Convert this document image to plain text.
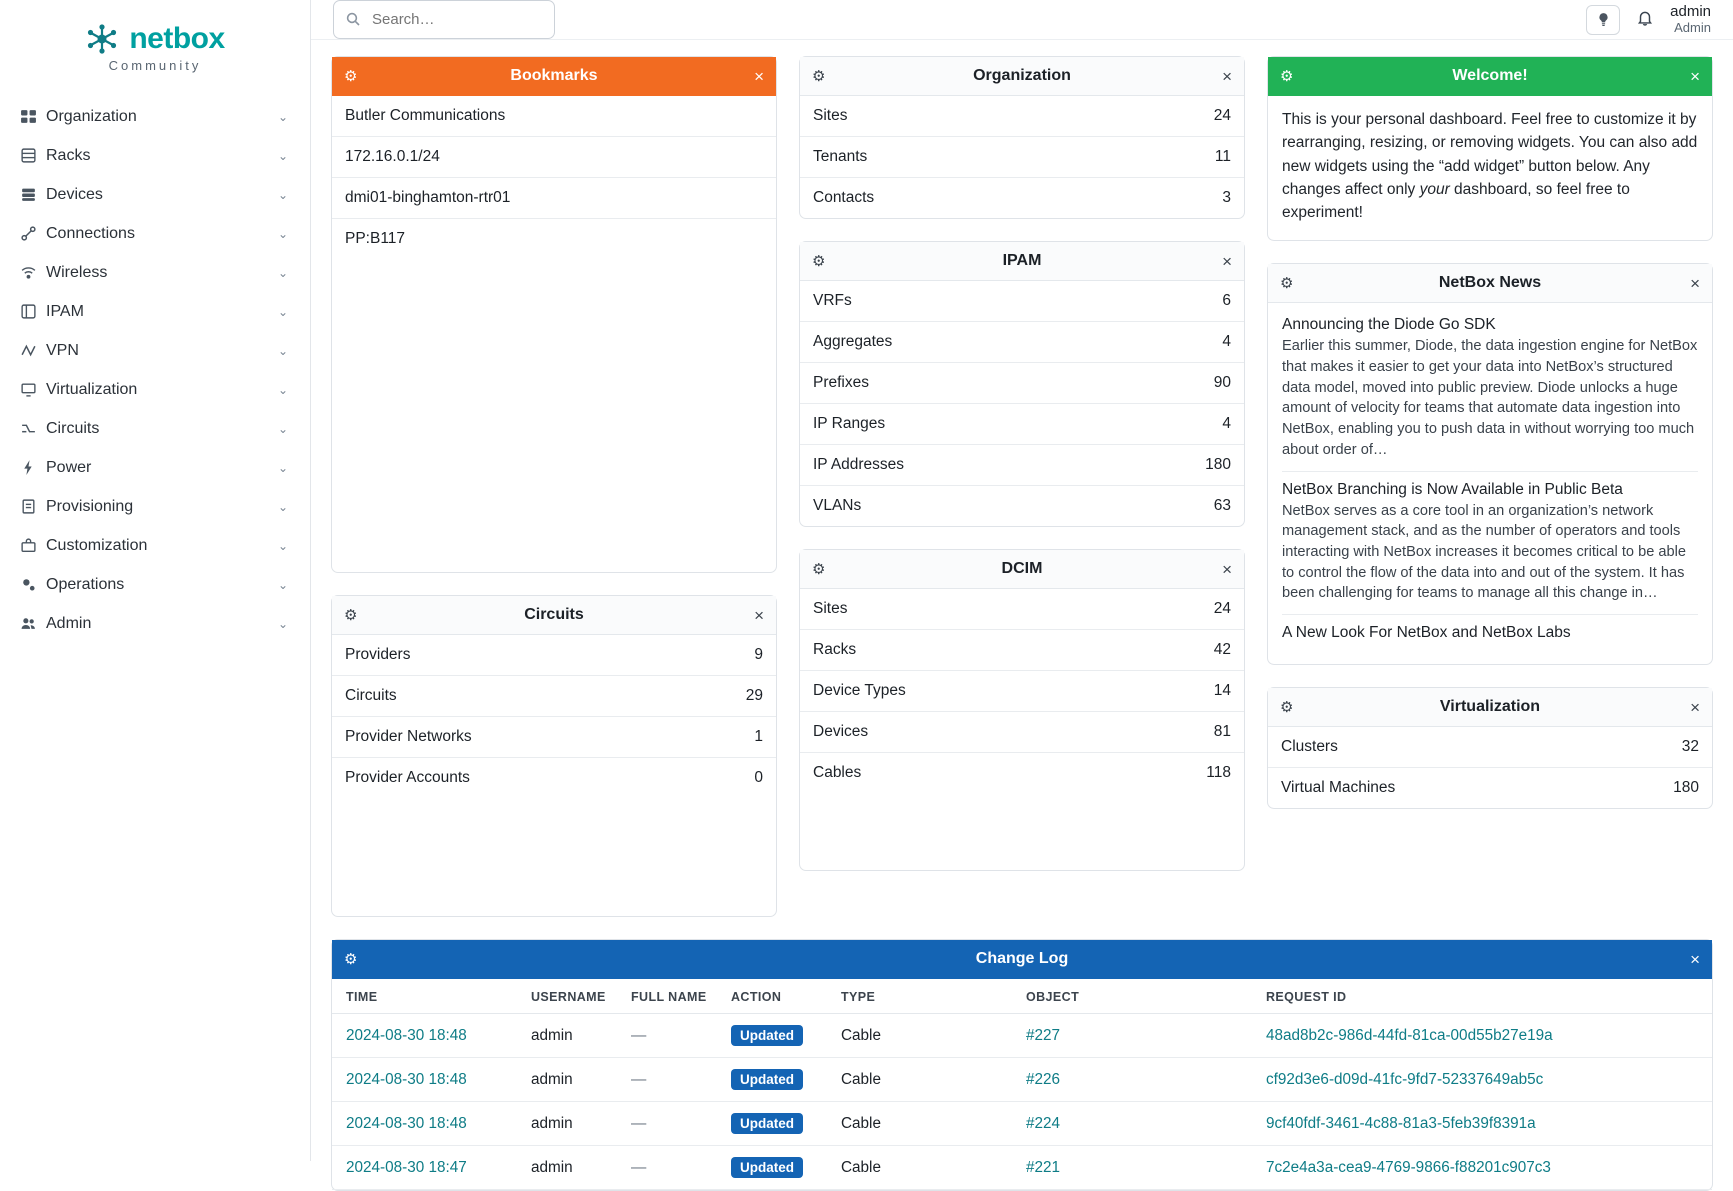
netbox
Community
Organization	⌄
Racks	⌄
Devices	⌄
Connections	⌄
Wireless	⌄
IPAM	⌄
VPN	⌄
Virtualization	⌄
Circuits	⌄
Power	⌄
Provisioning	⌄
Customization	⌄
Operations	⌄
Admin	⌄
Search…
admin
Admin
⚙	Bookmarks	×
Butler Communications
172.16.0.1/24
dmi01-binghamton-rtr01
PP:B117
⚙	Circuits	×
Providers	9
Circuits	29
Provider Networks	1
Provider Accounts	0
⚙	Organization	×
Sites	24
Tenants	11
Contacts	3
⚙	IPAM	×
VRFs	6
Aggregates	4
Prefixes	90
IP Ranges	4
IP Addresses	180
VLANs	63
⚙	DCIM	×
Sites	24
Racks	42
Device Types	14
Devices	81
Cables	118
⚙	Welcome!	×
This is your personal dashboard. Feel free to customize it by rearranging, resizing, or removing widgets. You can also add new widgets using the “add widget” button below. Any changes affect only your dashboard, so feel free to experiment!
⚙	NetBox News	×
Announcing the Diode Go SDK
Earlier this summer, Diode, the data ingestion engine for NetBox that makes it easier to get your data into NetBox’s structured data model, moved into public preview. Diode unlocks a huge amount of velocity for teams that automate data ingestion into NetBox, enabling you to push data in without worrying too much about order of…
NetBox Branching is Now Available in Public Beta
NetBox serves as a core tool in an organization’s network management stack, and as the number of operators and tools interacting with NetBox increases it becomes critical to be able to control the flow of the data into and out of the system. It has been challenging for teams to manage all this change in…
A New Look For NetBox and NetBox Labs
⚙	Virtualization	×
Clusters	32
Virtual Machines	180
⚙	Change Log	×
TIME	USERNAME	FULL NAME	ACTION	TYPE	OBJECT	REQUEST ID
2024-08-30 18:48	admin	—	Updated	Cable	#227	48ad8b2c-986d-44fd-81ca-00d55b27e19a
2024-08-30 18:48	admin	—	Updated	Cable	#226	cf92d3e6-d09d-41fc-9fd7-52337649ab5c
2024-08-30 18:48	admin	—	Updated	Cable	#224	9cf40fdf-3461-4c88-81a3-5feb39f8391a
2024-08-30 18:47	admin	—	Updated	Cable	#221	7c2e4a3a-cea9-4769-9866-f88201c907c3
